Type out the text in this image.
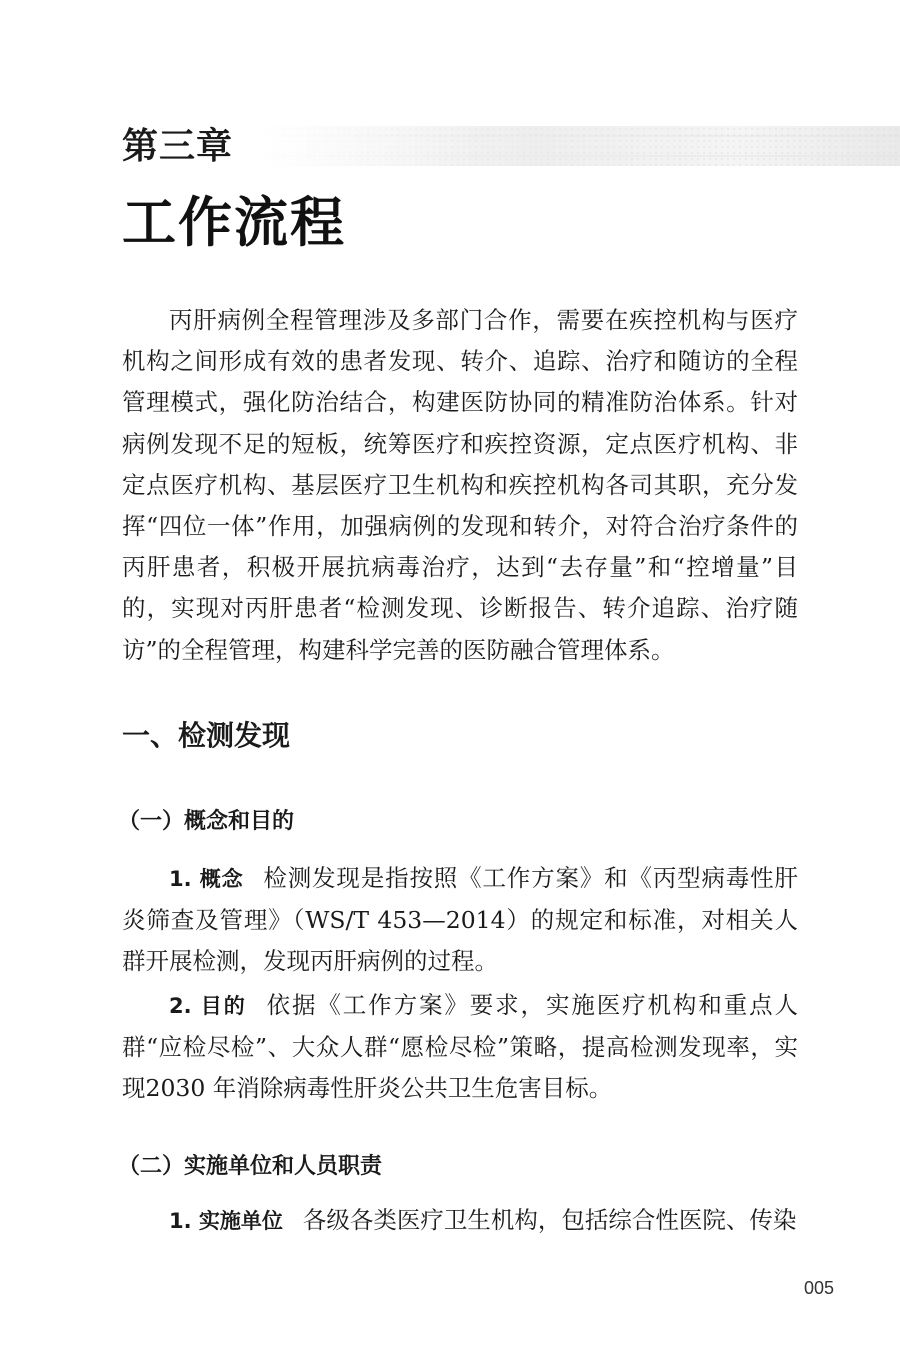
第三章
工作流程

丙肝病例全程管理涉及多部门合作，需要在疾控机构与医疗机构之间形成有效的患者发现、转介、追踪、治疗和随访的全程管理模式，强化防治结合，构建医防协同的精准防治体系。针对病例发现不足的短板，统筹医疗和疾控资源，定点医疗机构、非定点医疗机构、基层医疗卫生机构和疾控机构各司其职，充分发挥“四位一体”作用，加强病例的发现和转介，对符合治疗条件的丙肝患者，积极开展抗病毒治疗，达到“去存量”和“控增量”目的，实现对丙肝患者“检测发现、诊断报告、转介追踪、治疗随访”的全程管理，构建科学完善的医防融合管理体系。

一、检测发现
（一）概念和目的

1. 概念 检测发现是指按照《工作方案》和《丙型病毒性肝炎筛查及管理》（WS/T 453—2014）的规定和标准，对相关人群开展检测，发现丙肝病例的过程。

2. 目的 依据《工作方案》要求，实施医疗机构和重点人群“应检尽检”、大众人群“愿检尽检”策略，提高检测发现率，实现2030 年消除病毒性肝炎公共卫生危害目标。

（二）实施单位和人员职责

1. 实施单位 各级各类医疗卫生机构，包括综合性医院、传染

005
